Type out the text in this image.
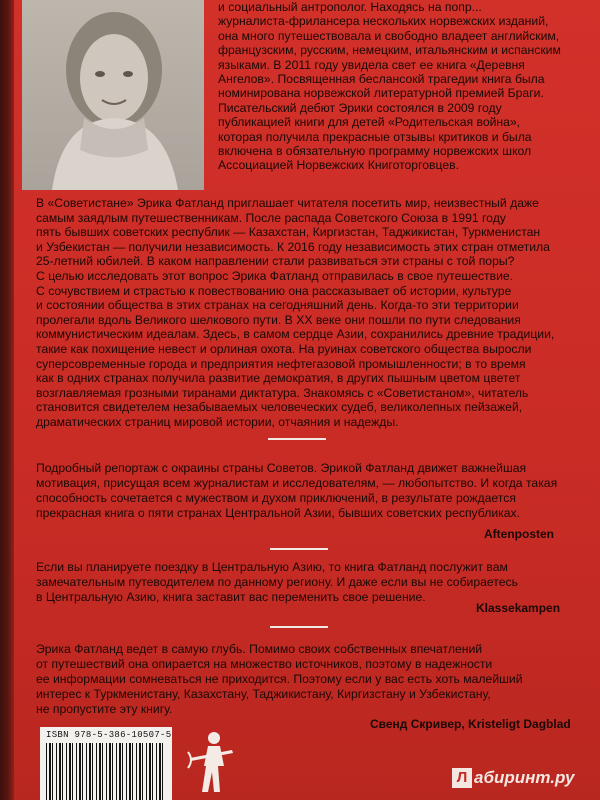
и социальный антрополог. Находясь на попр...
журналиста-фрилансера нескольких норвежских изданий,
она много путешествовала и свободно владеет английским,
французским, русским, немецким, итальянским и испанским
языками. В 2011 году увидела свет ее книга «Деревня
Ангелов». Посвященная беслансокй трагедии книга была
номинирована норвежской литературной премией Браги.
Писательский дебют Эрики состоялся в 2009 году
публикацией книги для детей «Родительская война»,
которая получила прекрасные отзывы критиков и была
включена в обязательную программу норвежских школ
Ассоциацией Норвежских Книготорговцев.
В «Советистане» Эрика Фатланд приглашает читателя посетить мир, неизвестный даже
самым заядлым путешественникам. После распада Советского Союза в 1991 году
пять бывших советских республик — Казахстан, Киргизстан, Таджикистан, Туркменистан
и Узбекистан — получили независимость. К 2016 году независимость этих стран отметила
25-летний юбилей. В каком направлении стали развиваться эти страны с той поры?
С целью исследовать этот вопрос Эрика Фатланд отправилась в свое путешествие.
С сочувствием и страстью к повествованию она рассказывает об истории, культуре
и состоянии общества в этих странах на сегодняшний день. Когда-то эти территории
пролегали вдоль Великого шелкового пути. В XX веке они пошли по пути следования
коммунистическим идеалам. Здесь, в самом сердце Азии, сохранились древние традиции,
такие как похищение невест и орлиная охота. На руинах советского общества выросли
суперсовременные города и предприятия нефтегазовой промышленности; в то время
как в одних странах получила развитие демократия, в других пышным цветом цветет
возглавляемая грозными тиранами диктатура. Знакомясь с «Советистаном», читатель
становится свидетелем незабываемых человеческих судеб, великолепных пейзажей,
драматических страниц мировой истории, отчаяния и надежды.
Подробный репортаж с окраины страны Советов. Эрикой Фатланд движет важнейшая
мотивация, присущая всем журналистам и исследователям, — любопытство. И когда такая
способность сочетается с мужеством и духом приключений, в результате рождается
прекрасная книга о пяти странах Центральной Азии, бывших советских республиках.
Aftenposten
Если вы планируете поездку в Центральную Азию, то книга Фатланд послужит вам
замечательным путеводителем по данному региону. И даже если вы не собираетесь
в Центральную Азию, книга заставит вас переменить свое решение.
Klassekampen
Эрика Фатланд ведет в самую глубь. Помимо своих собственных впечатлений
от путешествий она опирается на множество источников, поэтому в надежности
ее информации сомневаться не приходится. Поэтому если у вас есть хоть малейший
интерес к Туркменистану, Казахстану, Таджикистану, Киргизстану и Узбекистану,
не пропустите эту книгу.
Свенд Скривер, Kristeligt Dagblad
ISBN 978-5-386-10507-5
Л абиринт.ру
